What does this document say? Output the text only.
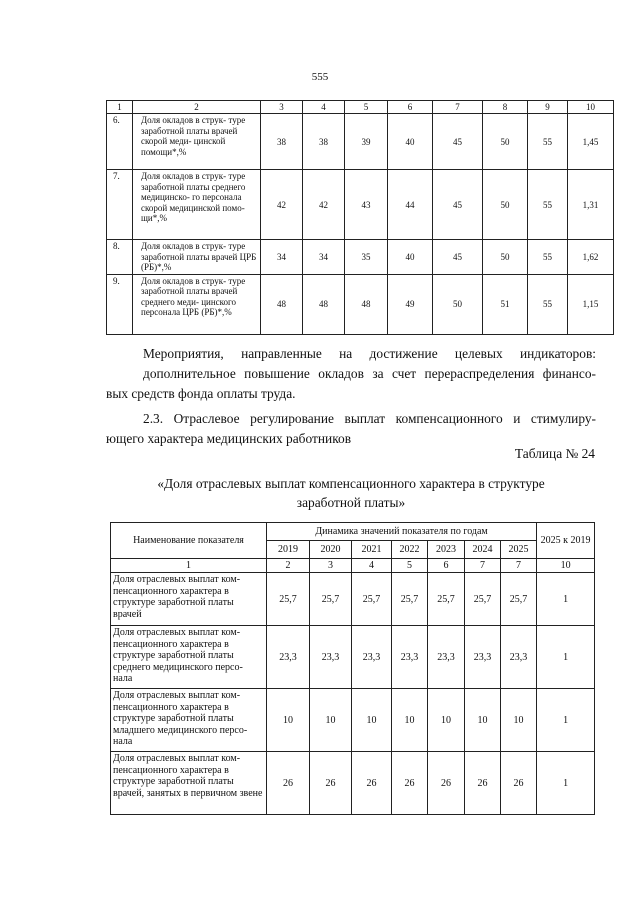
555
1	2	3	4	5	6	7	8	9	10
6.	Доля окладов в струк- туре заработной платы врачей скорой меди- цинской помощи*,%	38	38	39	40	45	50	55	1,45
7.	Доля окладов в струк- туре заработной платы среднего медицинско- го персонала скорой медицинской помо- щи*,%	42	42	43	44	45	50	55	1,31
8.	Доля окладов в струк- туре заработной платы врачей ЦРБ (РБ)*,%	34	34	35	40	45	50	55	1,62
9.	Доля окладов в струк- туре заработной платы врачей среднего меди- цинского персонала ЦРБ (РБ)*,%	48	48	48	49	50	51	55	1,15
Мероприятия, направленные на достижение целевых индикаторов:
дополнительное повышение окладов за счет перераспределения финансо-
вых средств фонда оплаты труда.
2.3. Отраслевое регулирование выплат компенсационного и стимулиру-
ющего характера медицинских работников
Таблица № 24
«Доля отраслевых выплат компенсационного характера в структуре
заработной платы»
Наименование показателя	Динамика значений показателя по годам							2025 к 2019
	2019	2020	2021	2022	2023	2024	2025	
1	2	3	4	5	6	7	7	10
Доля отраслевых выплат ком- пенсационного характера в структуре заработной платы врачей	25,7	25,7	25,7	25,7	25,7	25,7	25,7	1
Доля отраслевых выплат ком- пенсационного характера в структуре заработной платы среднего медицинского персо- нала	23,3	23,3	23,3	23,3	23,3	23,3	23,3	1
Доля отраслевых выплат ком- пенсационного характера в структуре заработной платы младшего медицинского персо- нала	10	10	10	10	10	10	10	1
Доля отраслевых выплат ком- пенсационного характера в структуре заработной платы врачей, занятых в первичном звене	26	26	26	26	26	26	26	1
